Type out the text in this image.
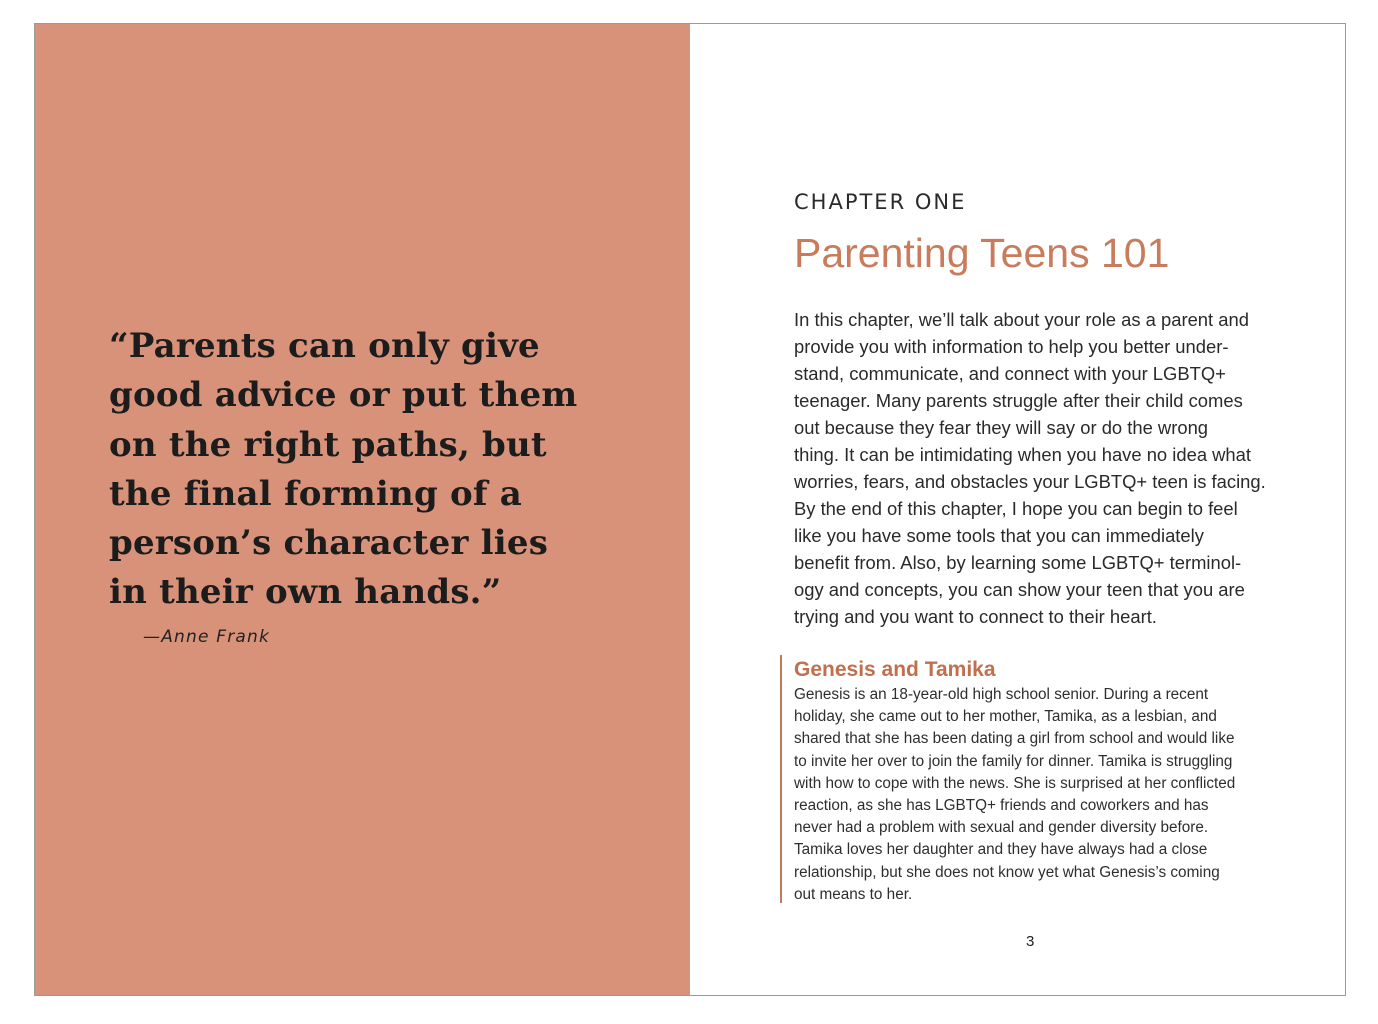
“Parents can only give
good advice or put them
on the right paths, but
the final forming of a
person’s character lies
in their own hands.”

—Anne Frank

CHAPTER ONE
Parenting Teens 101

In this chapter, we’ll talk about your role as a parent and
provide you with information to help you better under-
stand, communicate, and connect with your LGBTQ+
teenager. Many parents struggle after their child comes
out because they fear they will say or do the wrong
thing. It can be intimidating when you have no idea what
worries, fears, and obstacles your LGBTQ+ teen is facing.
By the end of this chapter, I hope you can begin to feel
like you have some tools that you can immediately
benefit from. Also, by learning some LGBTQ+ terminol-
ogy and concepts, you can show your teen that you are
trying and you want to connect to their heart.

Genesis and Tamika

Genesis is an 18-year-old high school senior. During a recent
holiday, she came out to her mother, Tamika, as a lesbian, and
shared that she has been dating a girl from school and would like
to invite her over to join the family for dinner. Tamika is struggling
with how to cope with the news. She is surprised at her conflicted
reaction, as she has LGBTQ+ friends and coworkers and has
never had a problem with sexual and gender diversity before.
Tamika loves her daughter and they have always had a close
relationship, but she does not know yet what Genesis’s coming
out means to her.

3
